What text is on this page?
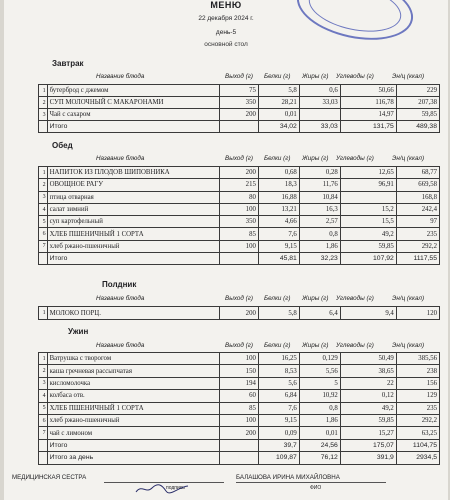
МЕНЮ
22 декабря 2024 г.
день-5
основной стол
Завтрак
Название блюда	Выход (г) Белки (г) Жиры (г) Углеводы (г)	Эн/ц (ккал)
1	бутерброд с джемом	75	5,8	0,6	50,66	229
2	СУП МОЛОЧНЫЙ С МАКАРОНАМИ	350	28,21	33,03	116,78	207,38
3	Чай с сахаром	200	0,01		14,97	59,85
	Итого		34,02	33,03	131,75	489,38
Обед
Название блюда	Выход (г) Белки (г) Жиры (г) Углеводы (г)	Эн/ц (ккал)
1	НАПИТОК ИЗ ПЛОДОВ ШИПОВНИКА	200	0,68	0,28	12,65	68,77
2	ОВОЩНОЕ РАГУ	215	18,3	11,76	96,91	669,58
3	птица отварная	80	16,88	10,84		168,8
4	салат зимний	100	13,21	16,3	15,2	242,4
5	суп картофельный	350	4,66	2,57	15,5	97
6	ХЛЕБ ПШЕНИЧНЫЙ 1 СОРТА	85	7,6	0,8	49,2	235
7	хлеб ржано-пшеничный	100	9,15	1,86	59,85	292,2
	Итого		45,81	32,23	107,92	1117,55
Полдник
Название блюда	Выход (г) Белки (г) Жиры (г) Углеводы (г)	Эн/ц (ккал)
1	МОЛОКО ПОРЦ.	200	5,8	6,4	9,4	120
Ужин
Название блюда	Выход (г) Белки (г) Жиры (г) Углеводы (г)	Эн/ц (ккал)
1	Ватрушка с творогом	100	16,25	0,129	50,49	385,56
2	каша гречневая рассыпчатая	150	8,53	5,56	38,65	238
3	кисломолочка	194	5,6	5	22	156
4	колбаса отв.	60	6,84	10,92	0,12	129
5	ХЛЕБ ПШЕНИЧНЫЙ 1 СОРТА	85	7,6	0,8	49,2	235
6	хлеб ржано-пшеничный	100	9,15	1,86	59,85	292,2
7	чай с лимоном	200	0,09	0,01	15,27	63,25
	Итого		39,7	24,56	175,07	1104,75
	Итого за день		109,87	76,12	391,9	2934,5
МЕДИЦИНСКАЯ СЕСТРА
подпись
БАЛАШОВА ИРИНА МИХАЙЛОВНА
ФИО
